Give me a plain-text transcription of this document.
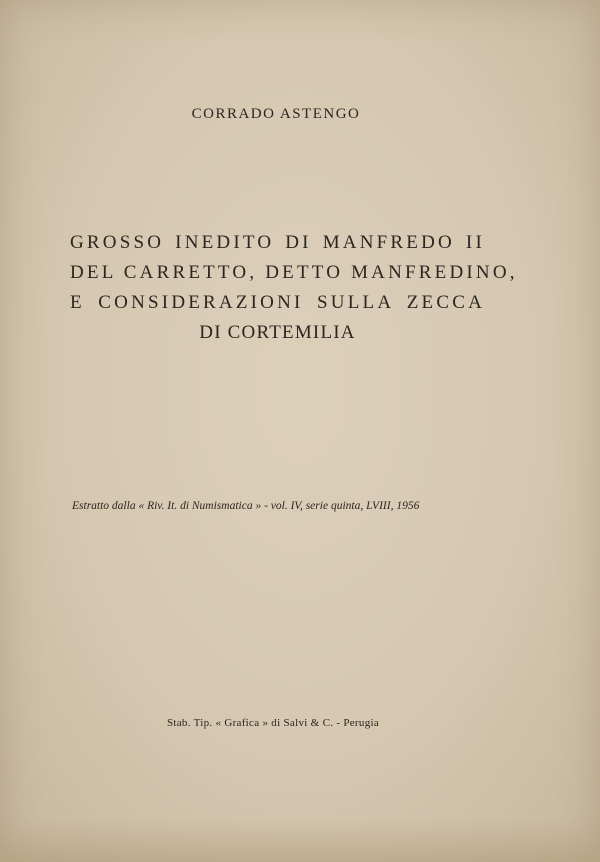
CORRADO ASTENGO
GROSSO INEDITO DI MANFREDO II
DEL CARRETTO, DETTO MANFREDINO,
E CONSIDERAZIONI SULLA ZECCA
DI CORTEMILIA
Estratto dalla « Riv. It. di Numismatica » - vol. IV, serie quinta, LVIII, 1956
Stab. Tip. « Grafica » di Salvi & C. - Perugia
